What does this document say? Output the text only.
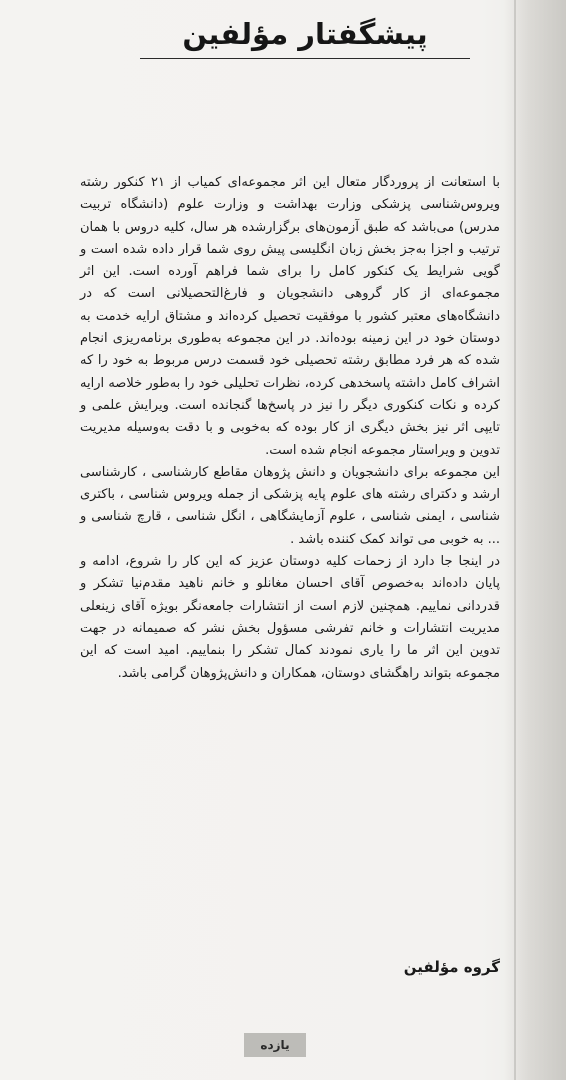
پیشگفتار مؤلفین

با استعانت از پروردگار متعال این اثر مجموعه‌ای کمیاب از ۲۱ کنکور رشته ویروس‌شناسی پزشکی وزارت بهداشت و وزارت علوم (دانشگاه تربیت مدرس) می‌باشد که طبق آزمون‌های برگزارشده هر سال، کلیه دروس با همان ترتیب و اجزا به‌جز بخش زبان انگلیسی پیش روی شما قرار داده شده است و گویی شرایط یک کنکور کامل را برای شما فراهم آورده است. این اثر مجموعه‌ای از کار گروهی دانشجویان و فارغ‌التحصیلانی است که در دانشگاه‌های معتبر کشور با موفقیت تحصیل کرده‌اند و مشتاق ارایه خدمت به دوستان خود در این زمینه بوده‌اند. در این مجموعه به‌طوری برنامه‌ریزی انجام شده که هر فرد مطابق رشته تحصیلی خود قسمت درس مربوط به خود را که اشراف کامل داشته پاسخدهی کرده، نظرات تحلیلی خود را به‌طور خلاصه ارایه کرده و نکات کنکوری دیگر را نیز در پاسخ‌ها گنجانده است. ویرایش علمی و تایپی اثر نیز بخش دیگری از کار بوده که به‌خوبی و با دقت به‌وسیله مدیریت تدوین و ویراستار مجموعه انجام شده است.

این مجموعه برای دانشجویان و دانش پژوهان مقاطع کارشناسی ، کارشناسی ارشد و دکترای رشته های علوم پایه پزشکی از جمله ویروس شناسی ، باکتری شناسی ، ایمنی شناسی ، علوم آزمایشگاهی ، انگل شناسی ، قارچ شناسی و ... به خوبی می تواند کمک کننده باشد .

در اینجا جا دارد از زحمات کلیه دوستان عزیز که این کار را شروع، ادامه و پایان داده‌اند به‌خصوص آقای احسان مغانلو و خانم ناهید مقدم‌نیا تشکر و قدردانی نماییم. همچنین لازم است از انتشارات جامعه‌نگر بویژه آقای زینعلی مدیریت انتشارات و خانم تفرشی مسؤول بخش نشر که صمیمانه در جهت تدوین این اثر ما را یاری نمودند کمال تشکر را بنماییم. امید است که این مجموعه بتواند راهگشای دوستان، همکاران و دانش‌پژوهان گرامی باشد.

گروه مؤلفین
یازده
